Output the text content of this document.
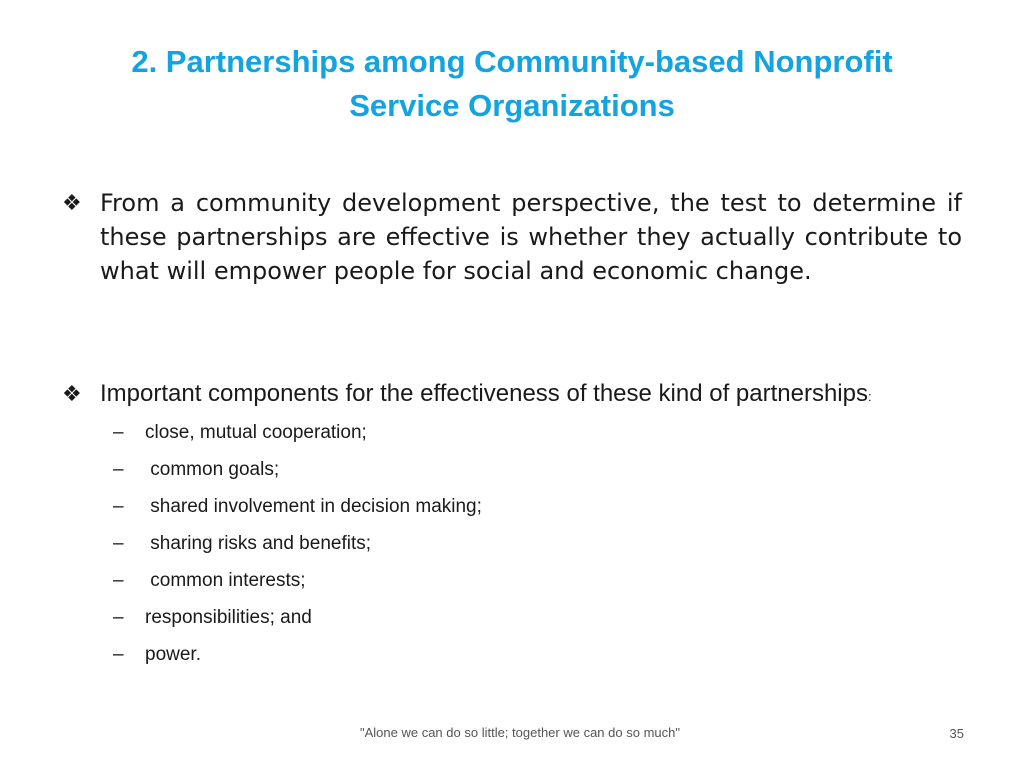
2. Partnerships among Community-based Nonprofit
Service Organizations
❖ From a community development perspective, the test to determine if these partnerships are effective is whether they actually contribute to what will empower people for social and economic change.
❖ Important components for the effectiveness of these kind of partnerships:
– close, mutual cooperation;
– common goals;
– shared involvement in decision making;
– sharing risks and benefits;
– common interests;
– responsibilities; and
– power.
"Alone we can do so little; together we can do so much"	35
